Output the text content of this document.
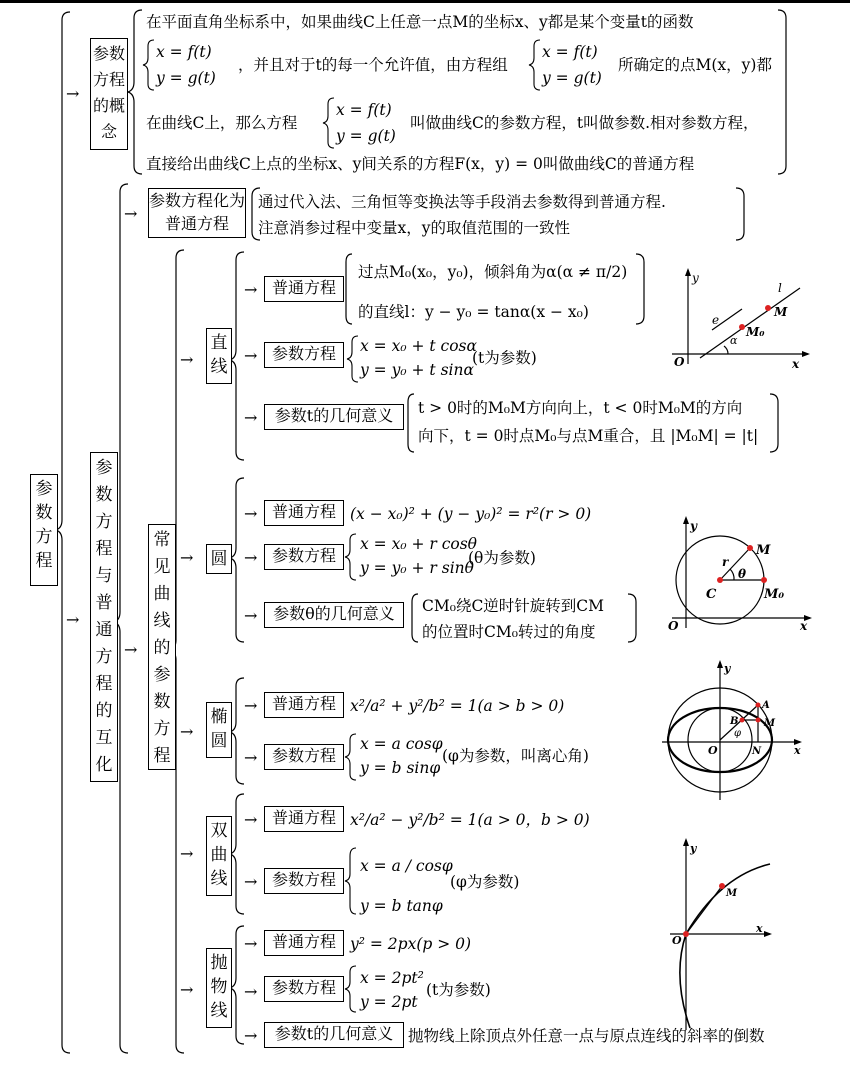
参数方程
→
→
参数方程的概念
在平面直角坐标系中，如果曲线C上任意一点M的坐标x、y都是某个变量t的函数
x = f(t)
y = g(t)
，并且对于t的每一个允许值，由方程组
x = f(t)
y = g(t)
所确定的点M(x，y)都
在曲线C上，那么方程
x = f(t)
y = g(t)
叫做曲线C的参数方程，t叫做参数.相对参数方程，
直接给出曲线C上点的坐标x、y间关系的方程F(x，y) = 0叫做曲线C的普通方程
参数方程与普通方程的互化
→
→
参数方程化为普通方程
通过代入法、三角恒等变换法等手段消去参数得到普通方程.
注意消参过程中变量x，y的取值范围的一致性
常见曲线的参数方程
→
→
→
→
→
直线
→
→
→
普通方程
过点M₀(x₀，y₀)，倾斜角为α(α ≠ π/2)
的直线l：y − y₀ = tanα(x − x₀)
参数方程	x = x₀ + t cosα
y = y₀ + t sinα
(t为参数)
参数t的几何意义	t > 0时的M₀M方向向上，t < 0时M₀M的方向
向下，t = 0时点M₀与点M重合，且 |M₀M| = |t|
圆
→
→
→
普通方程 (x − x₀)² + (y − y₀)² = r²(r > 0)
参数方程
x = x₀ + r cosθ
y = y₀ + r sinθ
(θ为参数)
参数θ的几何意义	CM₀绕C逆时针旋转到CM
的位置时CM₀转过的角度
椭圆
→
→
普通方程 x²/a² + y²/b² = 1(a > b > 0)
参数方程
x = a cosφ
y = b sinφ
(φ为参数，叫离心角)
双曲线
→
→
普通方程 x²/a² − y²/b² = 1(a > 0，b > 0)
参数方程
x = a / cosφ
y = b tanφ
(φ为参数)
抛物线
→
→
→
普通方程 y² = 2px(p > 0)
参数方程	x = 2pt²
y = 2pt
(t为参数)
参数t的几何意义 抛物线上除顶点外任意一点与原点连线的斜率的倒数
y
l
M
M₀
e
α
O	x
y
M
M₀
C
r
θ
O	x
y
A
B	M
N
O
φ
x
y
M
O
x
